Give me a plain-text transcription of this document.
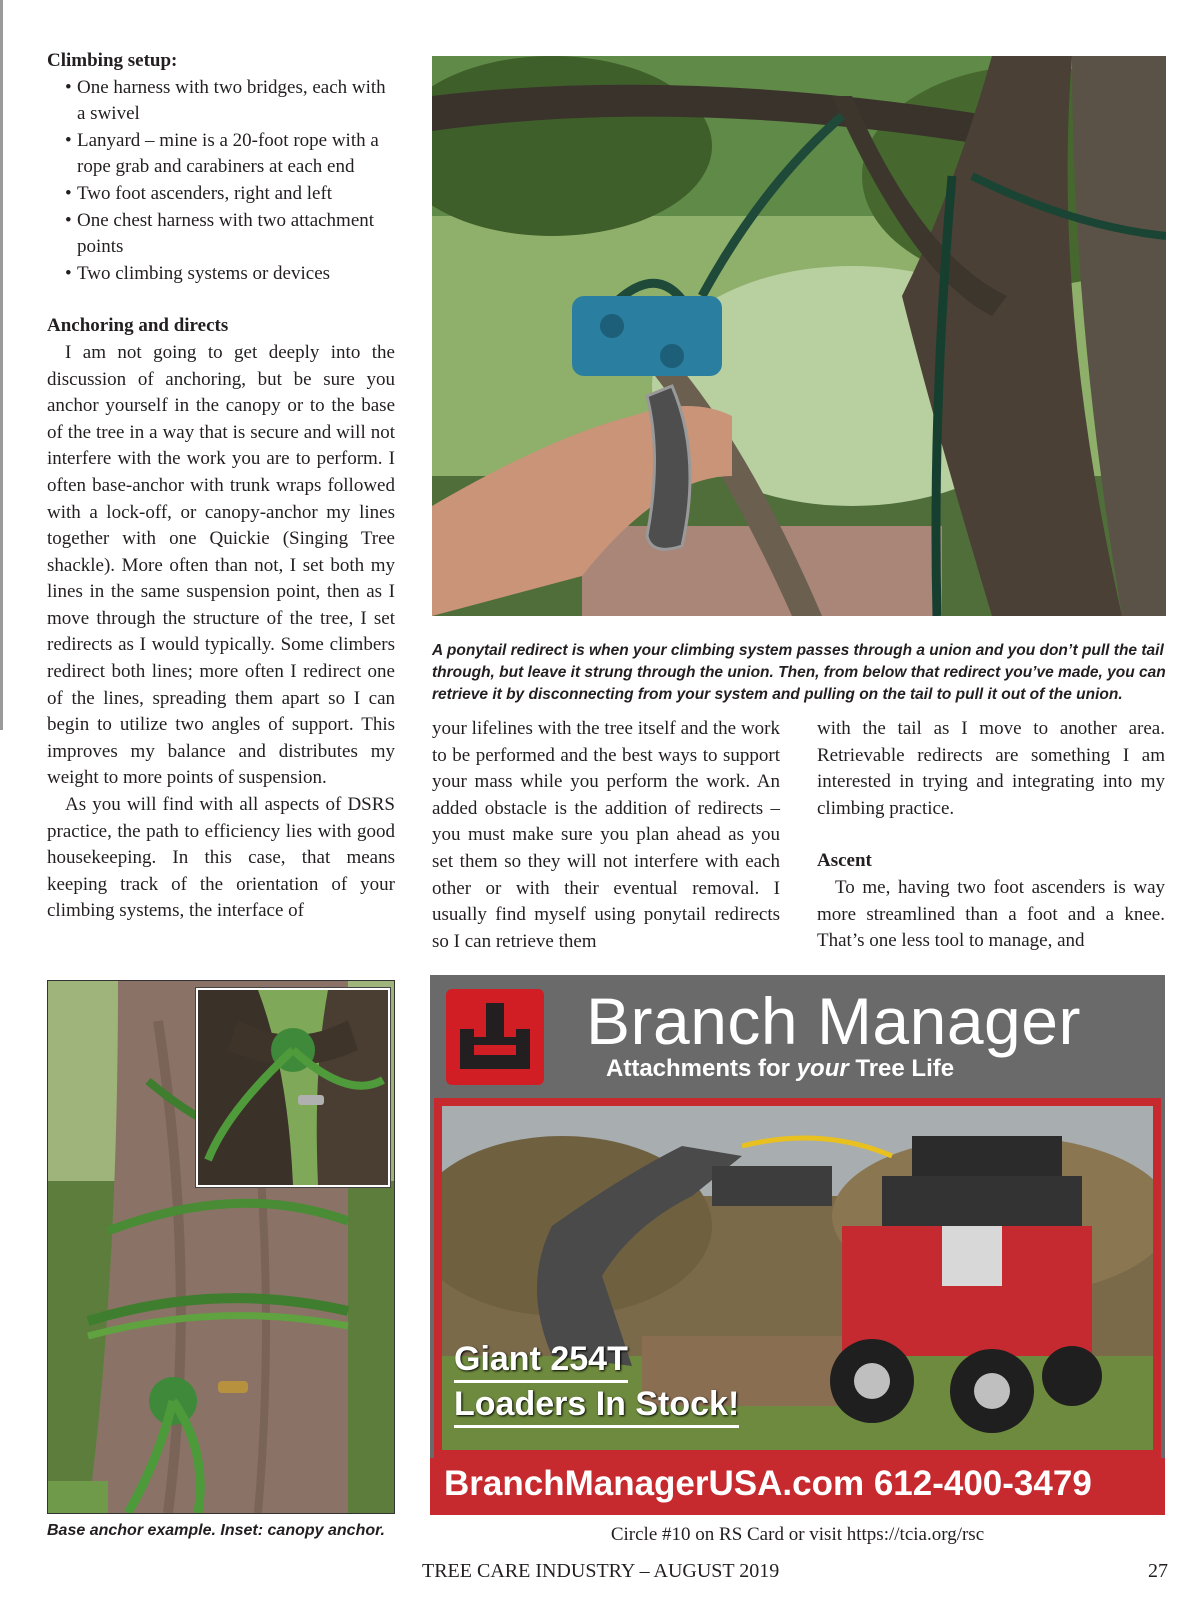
Climbing setup:
• One harness with two bridges, each with a swivel
• Lanyard – mine is a 20-foot rope with a rope grab and carabiners at each end
• Two foot ascenders, right and left
• One chest harness with two attachment points
• Two climbing systems or devices
Anchoring and directs

I am not going to get deeply into the discussion of anchoring, but be sure you anchor yourself in the canopy or to the base of the tree in a way that is secure and will not interfere with the work you are to perform. I often base-anchor with trunk wraps followed with a lock-off, or canopy-anchor my lines together with one Quickie (Singing Tree shackle). More often than not, I set both my lines in the same suspension point, then as I move through the structure of the tree, I set redirects as I would typically. Some climbers redirect both lines; more often I redirect one of the lines, spreading them apart so I can begin to utilize two angles of support. This improves my balance and distributes my weight to more points of suspension.

As you will find with all aspects of DSRS practice, the path to efficiency lies with good housekeeping. In this case, that means keeping track of the orientation of your climbing systems, the interface of

A ponytail redirect is when your climbing system passes through a union and you don’t pull the tail through, but leave it strung through the union. Then, from below that redirect you’ve made, you can retrieve it by disconnecting from your system and pulling on the tail to pull it out of the union.

your lifelines with the tree itself and the work to be performed and the best ways to support your mass while you perform the work. An added obstacle is the addition of redirects – you must make sure you plan ahead as you set them so they will not interfere with each other or with their eventual removal. I usually find myself using ponytail redirects so I can retrieve them

with the tail as I move to another area. Retrievable redirects are something I am interested in trying and integrating into my climbing practice.

Ascent

To me, having two foot ascenders is way more streamlined than a foot and a knee. That’s one less tool to manage, and

Base anchor example. Inset: canopy anchor.
Branch Manager
Attachments for your Tree Life
Giant 254T
Loaders In Stock!
BranchManagerUSA.com 612-400-3479
Circle #10 on RS Card or visit https://tcia.org/rsc
TREE CARE INDUSTRY – AUGUST 2019	27
